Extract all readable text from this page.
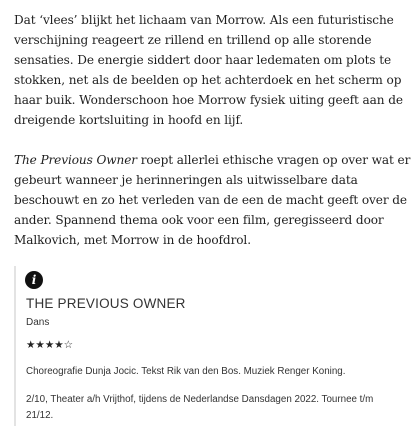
Dat ‘vlees’ blijkt het lichaam van Morrow. Als een futuristische
verschijning reageert ze rillend en trillend op alle storende
sensaties. De energie siddert door haar ledematen om plots te
stokken, net als de beelden op het achterdoek en het scherm op
haar buik. Wonderschoon hoe Morrow fysiek uiting geeft aan de
dreigende kortsluiting in hoofd en lijf.

The Previous Owner roept allerlei ethische vragen op over wat er
gebeurt wanneer je herinneringen als uitwisselbare data
beschouwt en zo het verleden van de een de macht geeft over de
ander. Spannend thema ook voor een film, geregisseerd door
Malkovich, met Morrow in de hoofdrol.

i
THE PREVIOUS OWNER
Dans
★★★★☆
Choreografie Dunja Jocic. Tekst Rik van den Bos. Muziek Renger Koning.
2/10, Theater a/h Vrijthof, tijdens de Nederlandse Dansdagen 2022. Tournee t/m
21/12.
